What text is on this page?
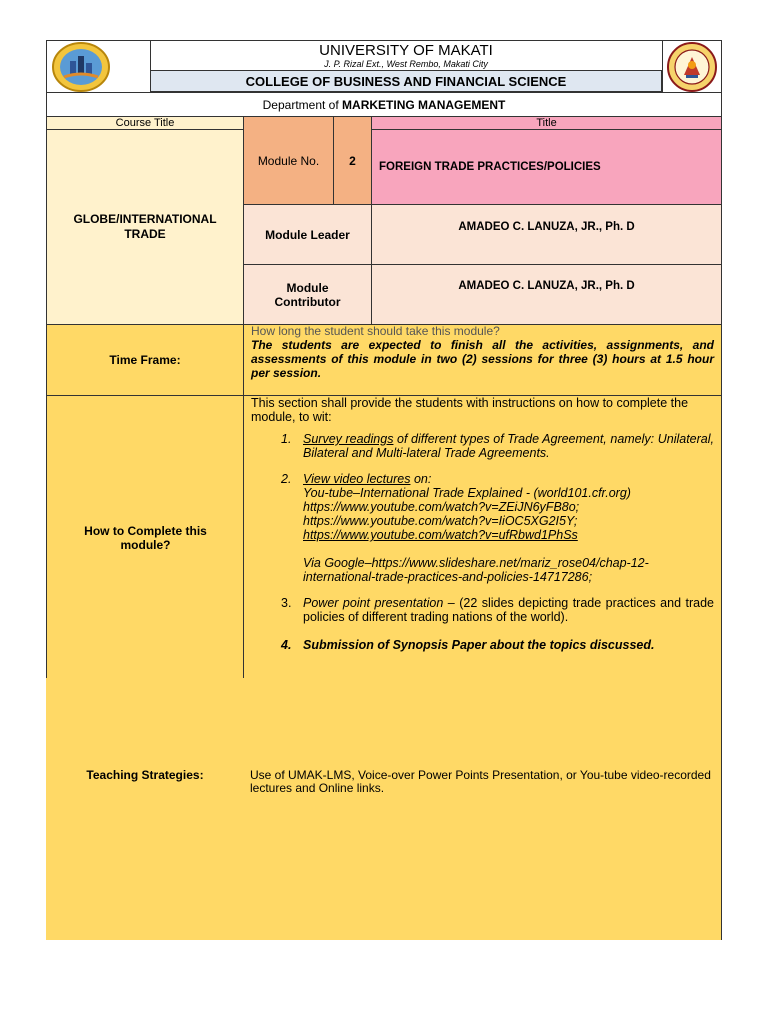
UNIVERSITY OF MAKATI
J. P. Rizal Ext., West Rembo, Makati City
COLLEGE OF BUSINESS AND FINANCIAL SCIENCE
Department of
MARKETING MANAGEMENT
Course Title
GLOBE/INTERNATIONAL TRADE
Module No. 2
Title
FOREIGN TRADE PRACTICES/POLICIES
Module Leader
AMADEO C. LANUZA, JR., Ph. D
Module Contributor
AMADEO C. LANUZA, JR., Ph. D
Time Frame:
How long the student should take this module?
The students are expected to finish all the activities, assignments, and assessments of this module in two (2) sessions for three (3) hours at 1.5 hour per session.
How to Complete this module?
This section shall provide the students with instructions on how to complete the module, to wit:
1. Survey readings of different types of Trade Agreement, namely: Unilateral, Bilateral and Multi-lateral Trade Agreements.
2. View video lectures on:
You-tube–International Trade Explained - (world101.cfr.org)
https://www.youtube.com/watch?v=ZEiJN6yFB8o;
https://www.youtube.com/watch?v=IiOC5XG2I5Y;
https://www.youtube.com/watch?v=ufRbwd1PhSs
Via Google–https://www.slideshare.net/mariz_rose04/chap-12-international-trade-practices-and-policies-14717286;
3. Power point presentation – (22 slides depicting trade practices and trade policies of different trading nations of the world).
4. Submission of Synopsis Paper about the topics discussed.
Teaching Strategies:	Use of UMAK-LMS, Voice-over Power Points Presentation, or You-tube video-recorded lectures and Online links.
